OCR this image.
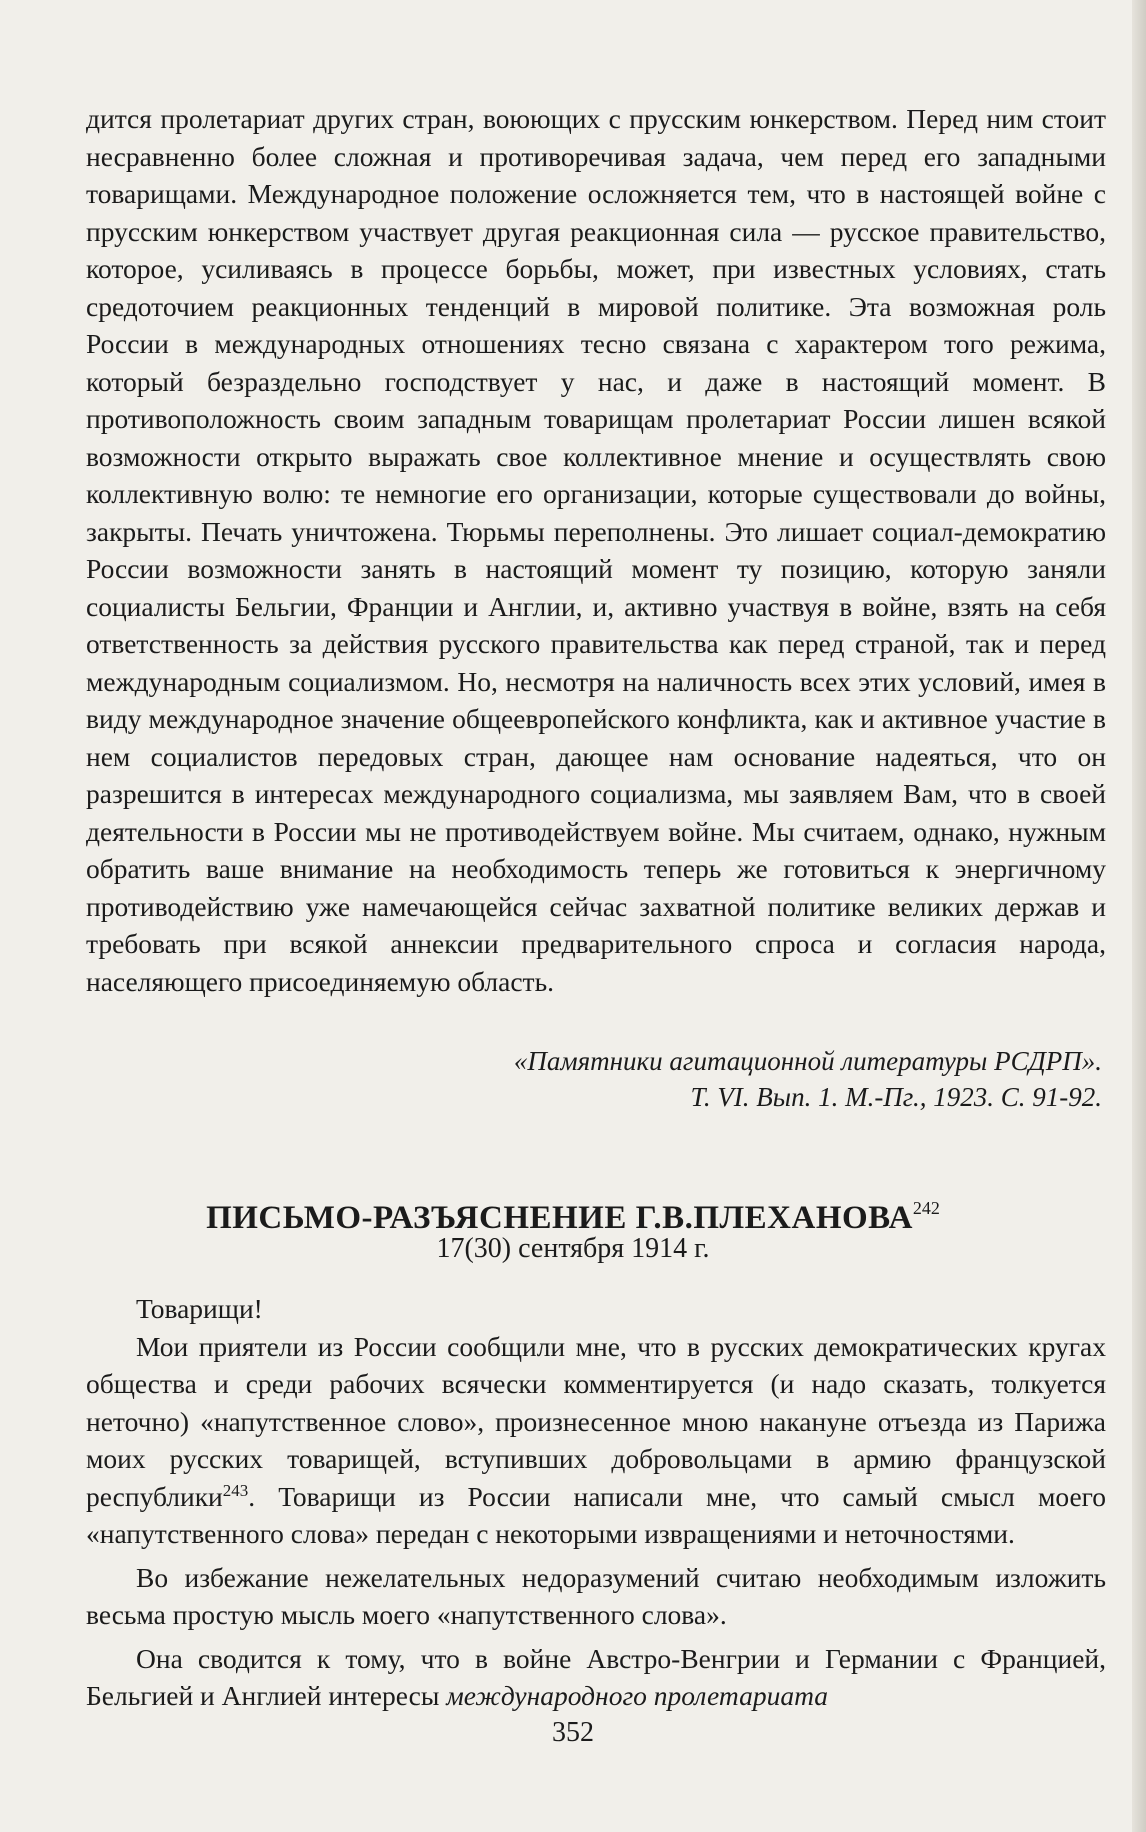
дится пролетариат других стран, воюющих с прусским юнкерством. Перед ним стоит несравненно более сложная и противоречивая задача, чем перед его западными товарищами. Международное положение осложняется тем, что в настоящей войне с прусским юнкерством участвует другая реакционная сила — русское правительство, которое, усиливаясь в процессе борьбы, может, при известных условиях, стать средоточием реакционных тенденций в мировой политике. Эта возможная роль России в международных отношениях тесно связана с характером того режима, который безраздельно господствует у нас, и даже в настоящий момент. В противоположность своим западным товарищам пролетариат России лишен всякой возможности открыто выражать свое коллективное мнение и осуществлять свою коллективную волю: те немногие его организации, которые существовали до войны, закрыты. Печать уничтожена. Тюрьмы переполнены. Это лишает социал-демократию России возможности занять в настоящий момент ту позицию, которую заняли социалисты Бельгии, Франции и Англии, и, активно участвуя в войне, взять на себя ответственность за действия русского правительства как перед страной, так и перед международным социализмом. Но, несмотря на наличность всех этих условий, имея в виду международное значение общеевропейского конфликта, как и активное участие в нем социалистов передовых стран, дающее нам основание надеяться, что он разрешится в интересах международного социализма, мы заявляем Вам, что в своей деятельности в России мы не противодействуем войне. Мы считаем, однако, нужным обратить ваше внимание на необходимость теперь же готовиться к энергичному противодействию уже намечающейся сейчас захватной политике великих держав и требовать при всякой аннексии предварительного спроса и согласия народа, населяющего присоединяемую область.

«Памятники агитационной литературы РСДРП».
Т. VI. Вып. 1. М.-Пг., 1923. С. 91-92.
ПИСЬМО-РАЗЪЯСНЕНИЕ Г.В.ПЛЕХАНОВА$^{242}$
17(30) сентября 1914 г.

Товарищи!

Мои приятели из России сообщили мне, что в русских демократических кругах общества и среди рабочих всячески комментируется (и надо сказать, толкуется неточно) «напутственное слово», произнесенное мною накануне отъезда из Парижа моих русских товарищей, вступивших добровольцами в армию французской республики$^{243}$. Товарищи из России написали мне, что самый смысл моего «напутственного слова» передан с некоторыми извращениями и неточностями.

Во избежание нежелательных недоразумений считаю необходимым изложить весьма простую мысль моего «напутственного слова».

Она сводится к тому, что в войне Австро-Венгрии и Германии с Францией, Бельгией и Англией интересы международного пролетариата

352
